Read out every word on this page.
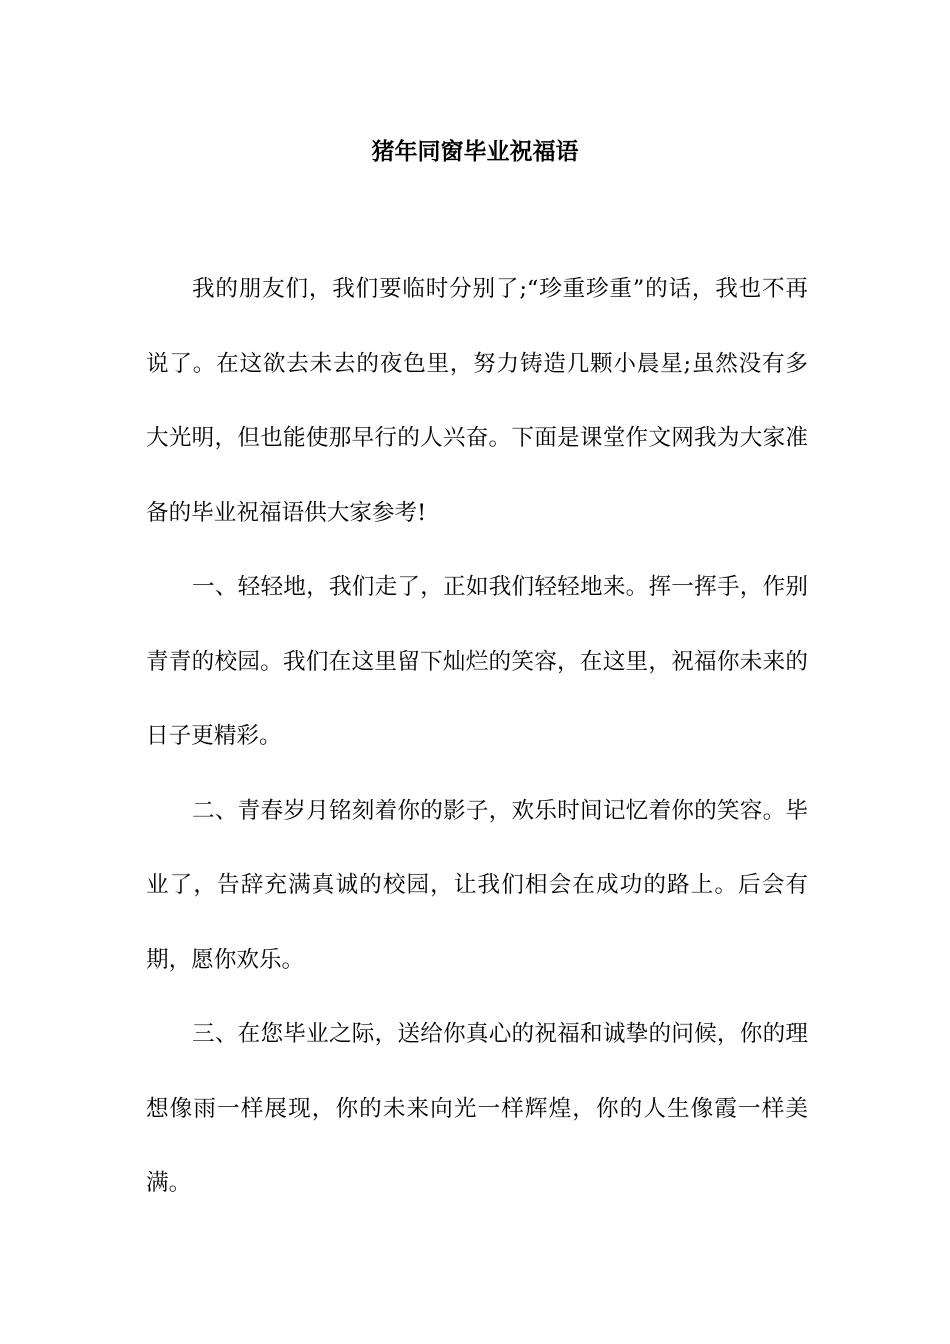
猪年同窗毕业祝福语

我的朋友们，我们要临时分别了;“珍重珍重”的话，我也不再说了。在这欲去未去的夜色里，努力铸造几颗小晨星;虽然没有多大光明，但也能使那早行的人兴奋。下面是课堂作文网我为大家准备的毕业祝福语供大家参考!

一、轻轻地，我们走了，正如我们轻轻地来。挥一挥手，作别青青的校园。我们在这里留下灿烂的笑容，在这里，祝福你未来的日子更精彩。

二、青春岁月铭刻着你的影子，欢乐时间记忆着你的笑容。毕业了，告辞充满真诚的校园，让我们相会在成功的路上。后会有期，愿你欢乐。

三、在您毕业之际，送给你真心的祝福和诚挚的问候，你的理想像雨一样展现，你的未来向光一样辉煌，你的人生像霞一样美满。
